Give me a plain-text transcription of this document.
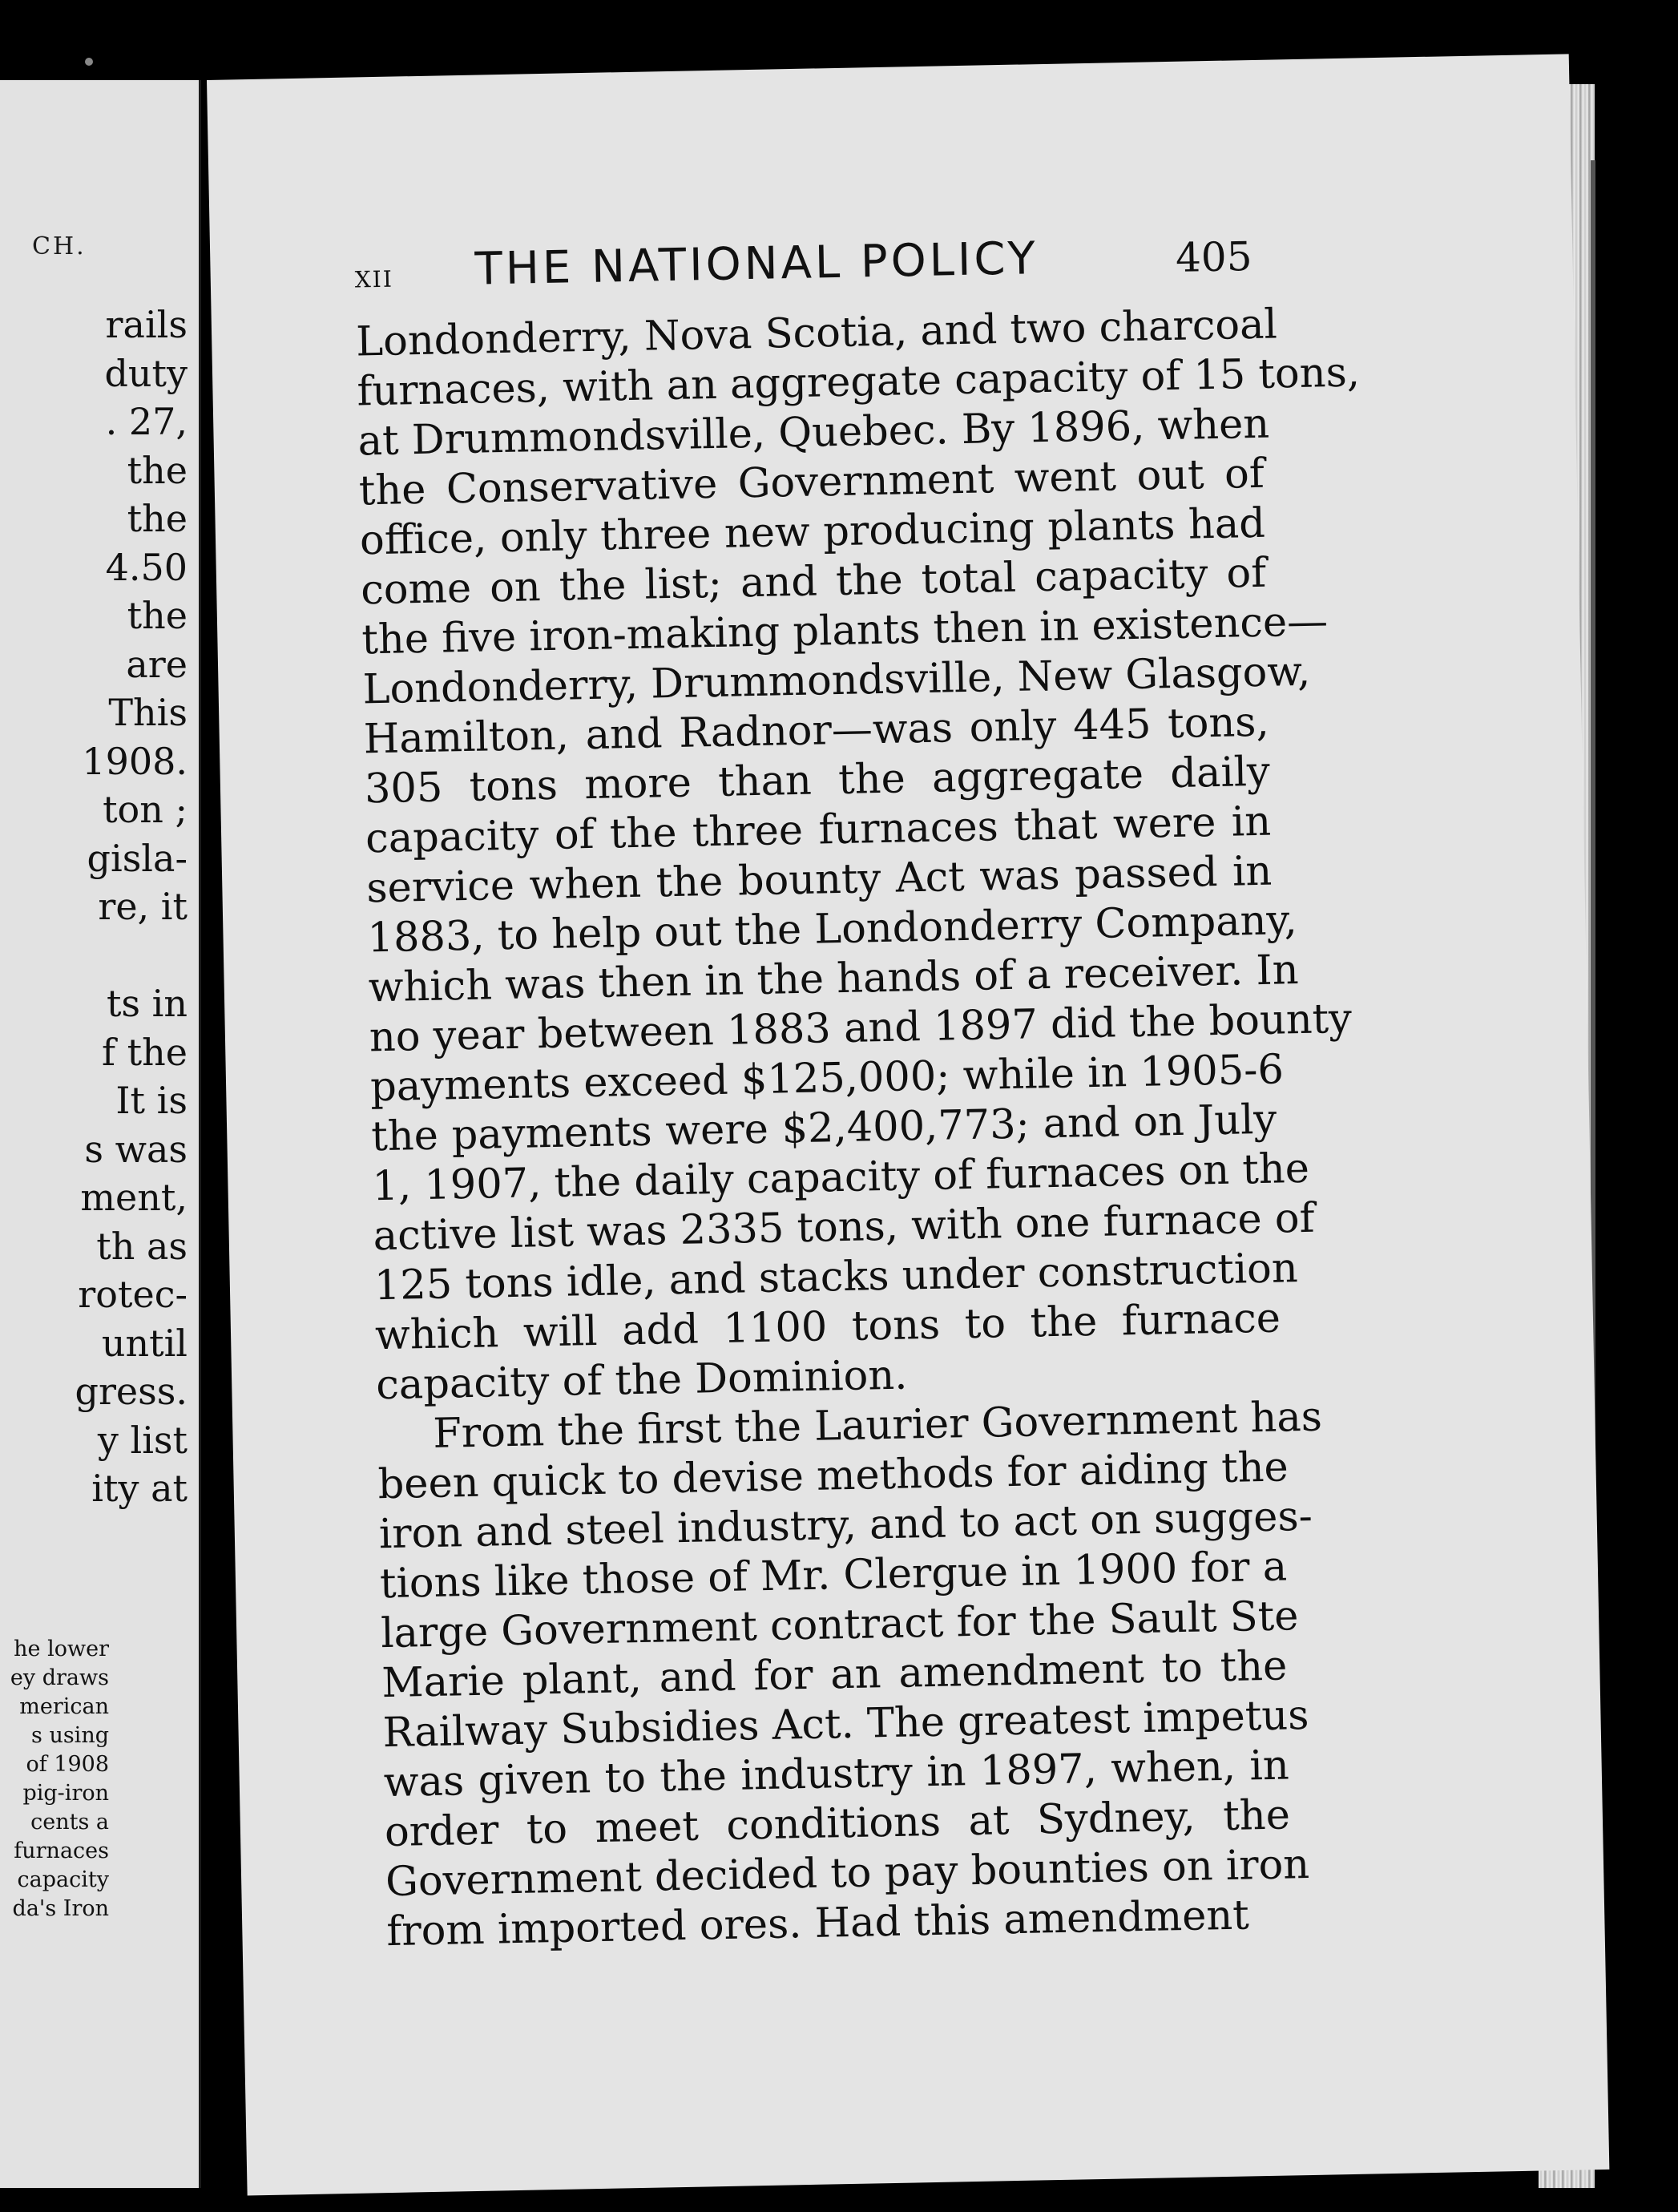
CH.
rails
duty
. 27,
the
the
4.50
the
are
This
1908.
ton ;
gisla-
re, it
ts in
f the
It is
s was
ment,
th as
rotec-
until
gress.
y list
ity at
he lower
ey draws
merican
s using
of 1908
pig-iron
cents a
furnaces
capacity
da's Iron
XII THE NATIONAL POLICY	405
Londonderry, Nova Scotia, and two charcoal
furnaces, with an aggregate capacity of 15 tons,
at Drummondsville, Quebec. By 1896, when
the Conservative Government went out of
office, only three new producing plants had
come on the list; and the total capacity of
the five iron-making plants then in existence—
Londonderry, Drummondsville, New Glasgow,
Hamilton, and Radnor—was only 445 tons,
305 tons more than the aggregate daily
capacity of the three furnaces that were in
service when the bounty Act was passed in
1883, to help out the Londonderry Company,
which was then in the hands of a receiver. In
no year between 1883 and 1897 did the bounty
payments exceed $125,000; while in 1905-6
the payments were $2,400,773; and on July
1, 1907, the daily capacity of furnaces on the
active list was 2335 tons, with one furnace of
125 tons idle, and stacks under construction
which will add 1100 tons to the furnace
capacity of the Dominion.
From the first the Laurier Government has
been quick to devise methods for aiding the
iron and steel industry, and to act on sugges-
tions like those of Mr. Clergue in 1900 for a
large Government contract for the Sault Ste
Marie plant, and for an amendment to the
Railway Subsidies Act. The greatest impetus
was given to the industry in 1897, when, in
order to meet conditions at Sydney, the
Government decided to pay bounties on iron
from imported ores. Had this amendment
